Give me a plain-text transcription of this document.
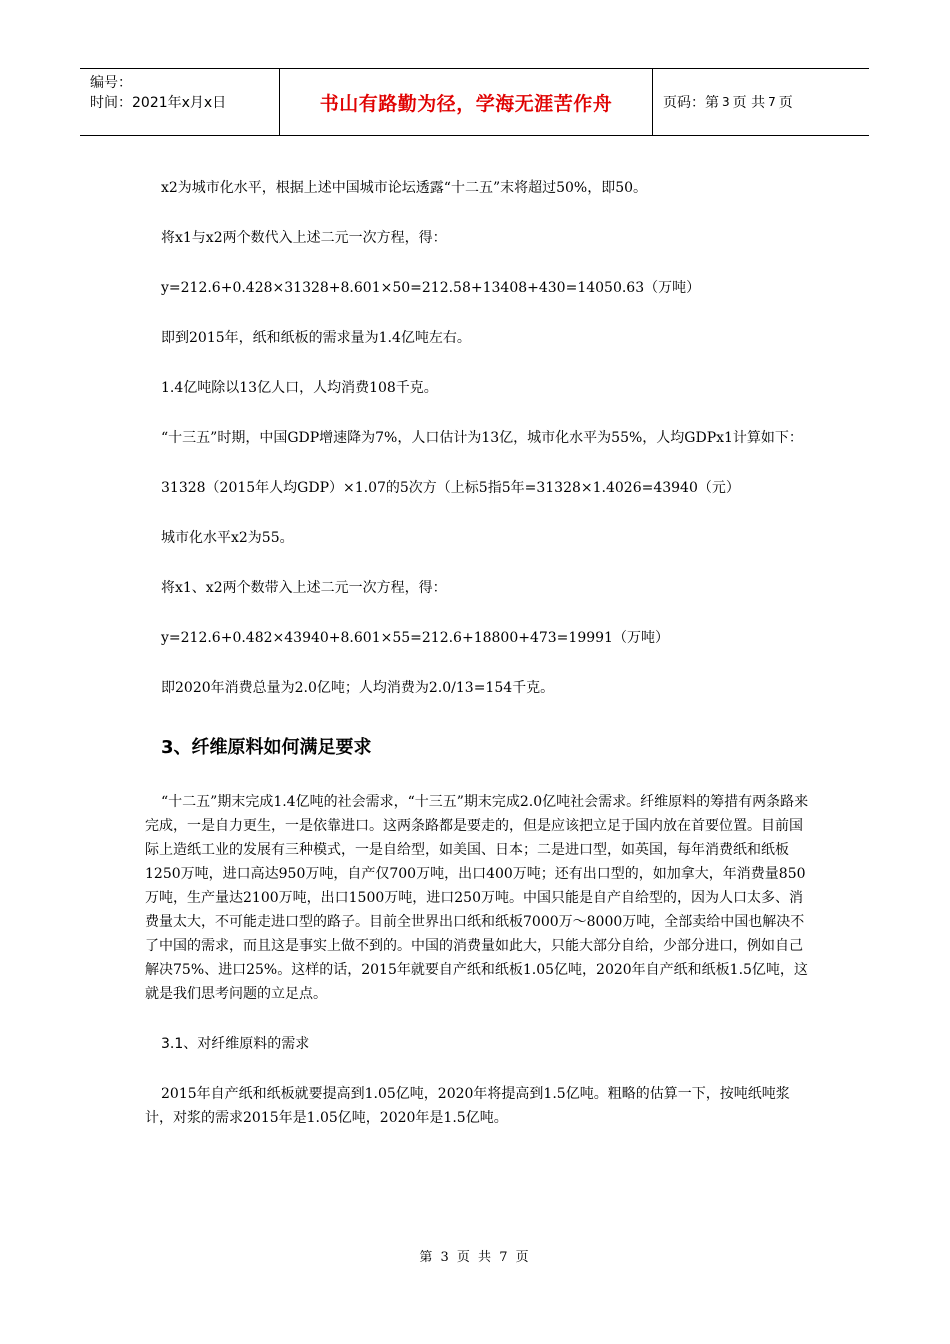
编号：
时间：2021年x月x日	书山有路勤为径，学海无涯苦作舟	页码：第 3 页 共 7 页

x2为城市化水平，根据上述中国城市论坛透露“十二五”末将超过50%，即50。

将x1与x2两个数代入上述二元一次方程，得：

y=212.6+0.428×31328+8.601×50=212.58+13408+430=14050.63（万吨）

即到2015年，纸和纸板的需求量为1.4亿吨左右。

1.4亿吨除以13亿人口，人均消费108千克。

“十三五”时期，中国GDP增速降为7%，人口估计为13亿，城市化水平为55%，人均GDPx1计算如下：

31328（2015年人均GDP）×1.07的5次方（上标5指5年=31328×1.4026=43940（元）

城市化水平x2为55。

将x1、x2两个数带入上述二元一次方程，得：

y=212.6+0.482×43940+8.601×55=212.6+18800+473=19991（万吨）

即2020年消费总量为2.0亿吨；人均消费为2.0/13=154千克。

3、纤维原料如何满足要求

“十二五”期末完成1.4亿吨的社会需求，“十三五”期末完成2.0亿吨社会需求。纤维原料的筹措有两条路来完成，一是自力更生，一是依靠进口。这两条路都是要走的，但是应该把立足于国内放在首要位置。目前国际上造纸工业的发展有三种模式，一是自给型，如美国、日本；二是进口型，如英国，每年消费纸和纸板1250万吨，进口高达950万吨，自产仅700万吨，出口400万吨；还有出口型的，如加拿大，年消费量850万吨，生产量达2100万吨，出口1500万吨，进口250万吨。中国只能是自产自给型的，因为人口太多、消费量太大，不可能走进口型的路子。目前全世界出口纸和纸板7000万～8000万吨，全部卖给中国也解决不了中国的需求，而且这是事实上做不到的。中国的消费量如此大，只能大部分自给，少部分进口，例如自己解决75%、进口25%。这样的话，2015年就要自产纸和纸板1.05亿吨，2020年自产纸和纸板1.5亿吨，这就是我们思考问题的立足点。

3.1、对纤维原料的需求

2015年自产纸和纸板就要提高到1.05亿吨，2020年将提高到1.5亿吨。粗略的估算一下，按吨纸吨浆计，对浆的需求2015年是1.05亿吨，2020年是1.5亿吨。

第 3 页 共 7 页
